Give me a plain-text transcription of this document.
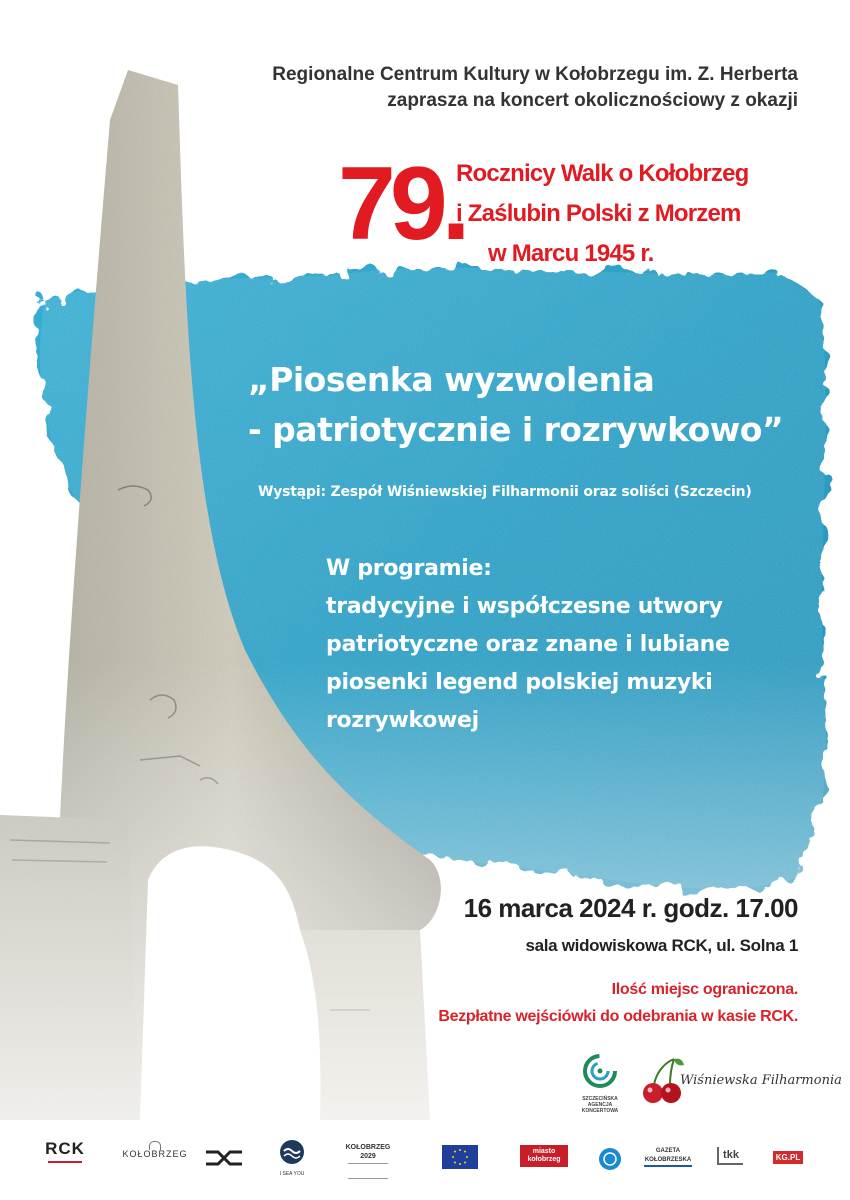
Regionalne Centrum Kultury w Kołobrzegu im. Z. Herberta
zaprasza na koncert okolicznościowy z okazji
79.
Rocznicy Walk o Kołobrzeg
i Zaślubin Polski z Morzem
w Marcu 1945 r.
„Piosenka wyzwolenia
- patriotycznie i rozrywkowo”
Wystąpi: Zespół Wiśniewskiej Filharmonii oraz soliści (Szczecin)
W programie:
tradycyjne i współczesne utwory
patriotyczne oraz znane i lubiane
piosenki legend polskiej muzyki
rozrywkowej
16 marca 2024 r. godz. 17.00
sala widowiskowa RCK, ul. Solna 1
Ilość miejsc ograniczona.
Bezpłatne wejściówki do odebrania w kasie RCK.
SZCZECIŃSKA AGENCJA KONCERTOWA
Wiśniewska Filharmonia
RCK	KOŁOBRZEG
I SEA YOU
KOŁOBRZEG 2029
miasto kołobrzeg
GAZETA KOŁOBRZESKA	tkk	KG.PL
